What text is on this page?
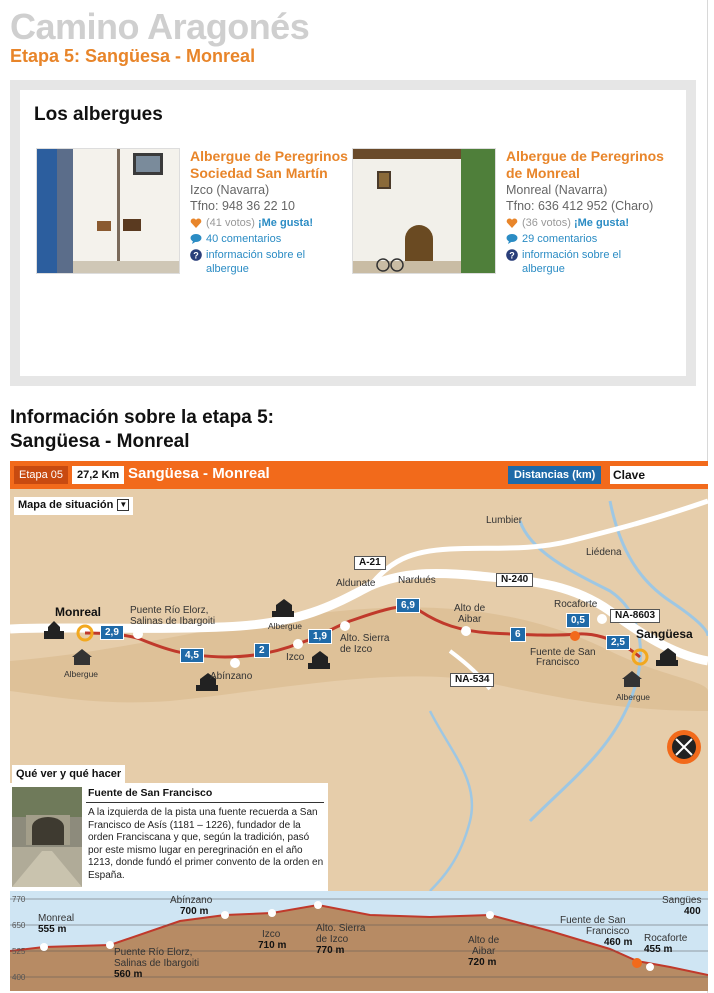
Camino Aragonés
Etapa 5: Sangüesa - Monreal
Los albergues
Albergue de Peregrinos
Sociedad San Martín
Izco (Navarra)
Tfno: 948 36 22 10
(41 votos) ¡Me gusta!
40 comentarios
? información sobre el
albergue
Albergue de Peregrinos
de Monreal
Monreal (Navarra)
Tfno: 636 412 952 (Charo)
(36 votos) ¡Me gusta!
29 comentarios
? información sobre el
albergue
Información sobre la etapa 5:
Sangüesa - Monreal
Etapa 05	27,2 Km Sangüesa - Monreal	Distancias (km)	Clave
Mapa de situación ▼
Monreal
Sangüesa
Lumbier
Liédena
Aldunate Nardués
Puente Río Elorz,
Salinas de Ibargoiti
Alto de
Aibar
Rocaforte
Fuente de San
Francisco
Alto. Sierra
de Izco
Izco
Abínzano
Albergue
Albergue
Albergue
A-21
N-240
NA-8603
NA-534
2,9
4,5	2
1,9
6,9
6
0,5
2,5
Qué ver y qué hacer
Fuente de San Francisco
A la izquierda de la pista una fuente recuerda a San Francisco de Asís (1181 – 1226), fundador de la orden Franciscana y que, según la tradición, pasó por este mismo lugar en peregrinación en el año 1213, donde fundó el primer convento de la orden en España.
770
650
525
400
Monreal
555 m
Puente Río Elorz,
Salinas de Ibargoiti
560 m
Abínzano
700 m
Izco
710 m
Alto. Sierra
de Izco
770 m
Alto de
Aibar
720 m
Fuente de San
Francisco
460 m Rocaforte
455 m
Sangües
400
